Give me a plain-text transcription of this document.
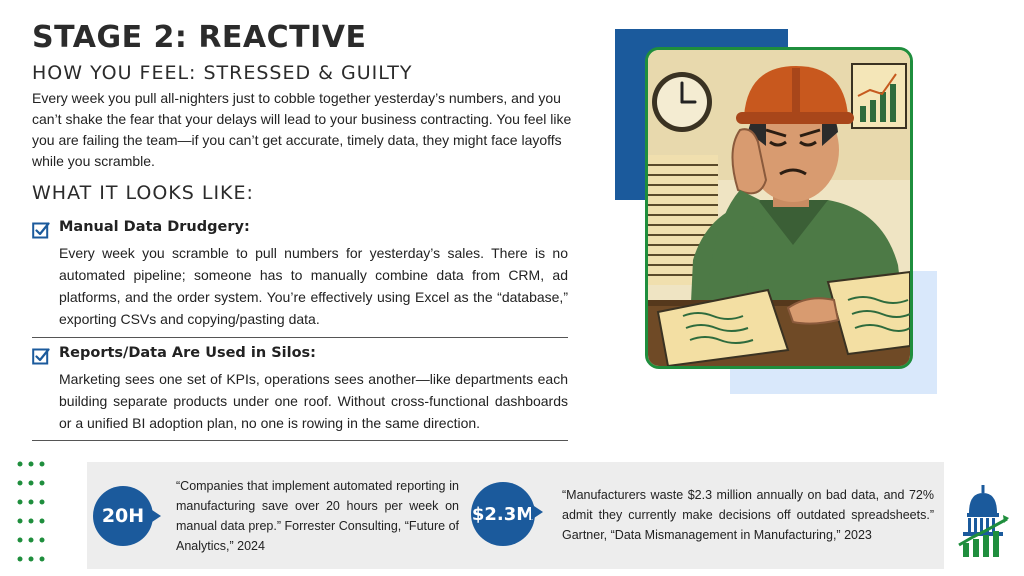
STAGE 2: REACTIVE
HOW YOU FEEL: STRESSED & GUILTY

Every week you pull all-nighters just to cobble together yesterday’s numbers, and you can’t shake the fear that your delays will lead to your business contracting. You feel like you are failing the team—if you can’t get accurate, timely data, they might face layoffs while you scramble.

WHAT IT LOOKS LIKE:
Manual Data Drudgery:

Every week you scramble to pull numbers for yesterday’s sales. There is no automated pipeline; someone has to manually combine data from CRM, ad platforms, and the order system. You’re effectively using Excel as the “database,” exporting CSVs and copying/pasting data.

Reports/Data Are Used in Silos:

Marketing sees one set of KPIs, operations sees another—like departments each building separate products under one roof. Without cross-functional dashboards or a unified BI adoption plan, no one is rowing in the same direction.

20H

“Companies that implement automated reporting in manufacturing save over 20 hours per week on manual data prep.” Forrester Consulting, “Future of Analytics,” 2024

$2.3M

“Manufacturers waste $2.3 million annually on bad data, and 72% admit they currently make decisions off outdated spreadsheets.” Gartner, “Data Mismanagement in Manufacturing,” 2023
